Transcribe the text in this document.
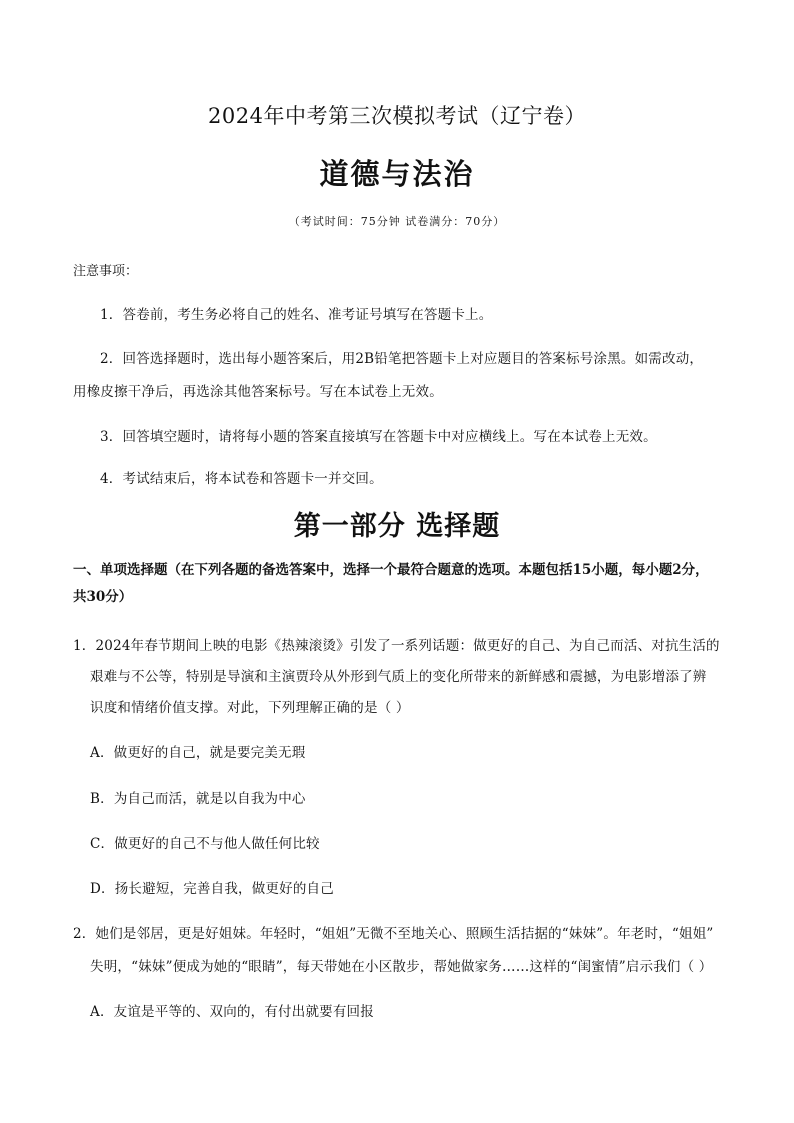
2024年中考第三次模拟考试（辽宁卷）
道德与法治
（考试时间：75分钟 试卷满分：70分）
注意事项：
1．答卷前，考生务必将自己的姓名、准考证号填写在答题卡上。
2．回答选择题时，选出每小题答案后，用2B铅笔把答题卡上对应题目的答案标号涂黑。如需改动，
用橡皮擦干净后，再选涂其他答案标号。写在本试卷上无效。
3．回答填空题时，请将每小题的答案直接填写在答题卡中对应横线上。写在本试卷上无效。
4．考试结束后，将本试卷和答题卡一并交回。
第一部分 选择题
一、单项选择题（在下列各题的备选答案中，选择一个最符合题意的选项。本题包括15小题，每小题2分，
共30分）
1．2024年春节期间上映的电影《热辣滚烫》引发了一系列话题：做更好的自己、为自己而活、对抗生活的
艰难与不公等，特别是导演和主演贾玲从外形到气质上的变化所带来的新鲜感和震撼，为电影增添了辨
识度和情绪价值支撑。对此，下列理解正确的是（ ）
A．做更好的自己，就是要完美无瑕
B．为自己而活，就是以自我为中心
C．做更好的自己不与他人做任何比较
D．扬长避短，完善自我，做更好的自己
2．她们是邻居，更是好姐妹。年轻时，“姐姐”无微不至地关心、照顾生活拮据的“妹妹”。年老时，“姐姐”
失明，“妹妹”便成为她的“眼睛”，每天带她在小区散步，帮她做家务……这样的“闺蜜情”启示我们（ ）
A．友谊是平等的、双向的，有付出就要有回报
